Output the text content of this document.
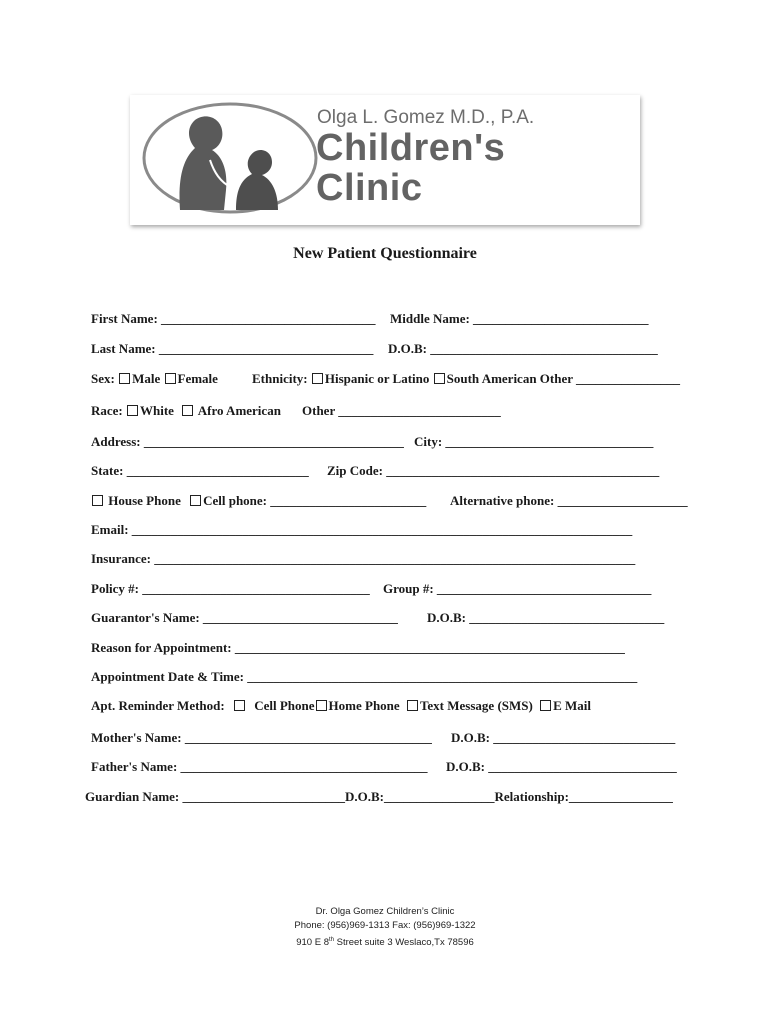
Olga L. Gomez M.D., P.A.
Children's
Clinic
New Patient Questionnaire
First Name: _________________________________ Middle Name: ___________________________
Last Name: _________________________________ D.O.B: ___________________________________
Sex: Male Female	Ethnicity: Hispanic or Latino South American Other ________________
Race: White Afro American Other _________________________
Address: ________________________________________ City: ________________________________
State: ____________________________ Zip Code: __________________________________________
House Phone Cell phone: ________________________ Alternative phone: ____________________
Email: _____________________________________________________________________________
Insurance: __________________________________________________________________________
Policy #: ___________________________________ Group #: _________________________________
Guarantor's Name: ______________________________ D.O.B: ______________________________
Reason for Appointment: ____________________________________________________________
Appointment Date & Time: ____________________________________________________________
Apt. Reminder Method: Cell Phone Home Phone Text Message (SMS) E Mail
Mother's Name: ______________________________________ D.O.B: ____________________________
Father's Name: ______________________________________ D.O.B: _____________________________
Guardian Name: _________________________D.O.B:_________________Relationship:________________
Dr. Olga Gomez Children’s Clinic
Phone: (956)969-1313 Fax: (956)969-1322
910 E 8th Street suite 3 Weslaco,Tx 78596
